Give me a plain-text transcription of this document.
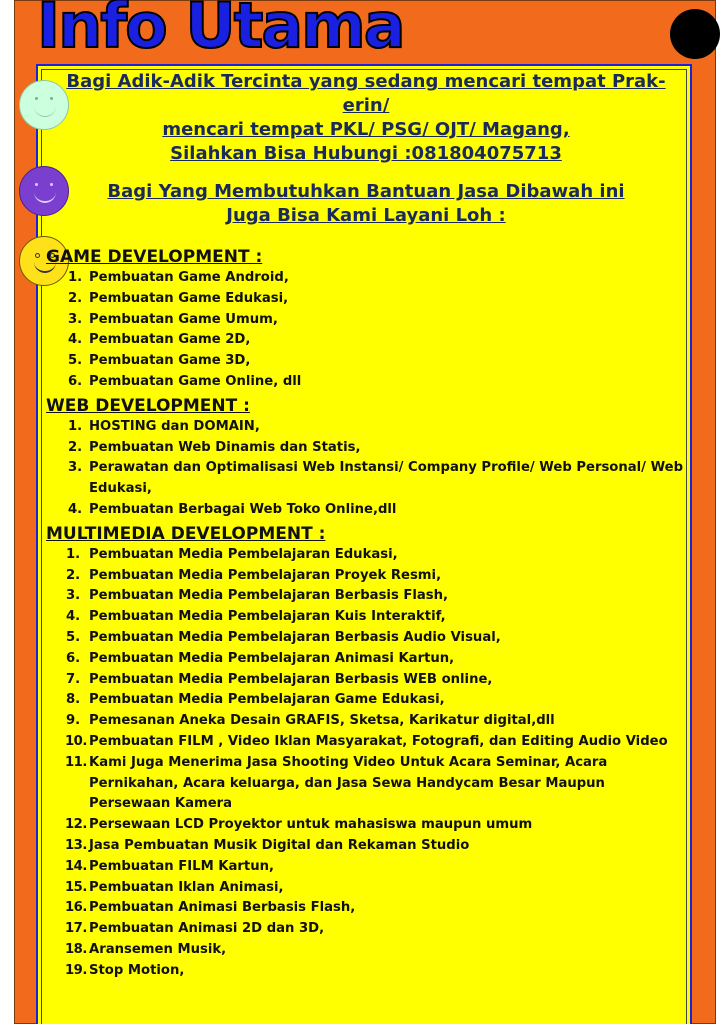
Info Utama

Bagi Adik-Adik Tercinta yang sedang mencari tempat Prak-

erin/

mencari tempat PKL/ PSG/ OJT/ Magang,

Silahkan Bisa Hubungi :081804075713

Bagi Yang Membutuhkan Bantuan Jasa Dibawah ini

Juga Bisa Kami Layani Loh :

GAME DEVELOPMENT :
1. Pembuatan Game Android,
2. Pembuatan Game Edukasi,
3. Pembuatan Game Umum,
4. Pembuatan Game 2D,
5. Pembuatan Game 3D,
6. Pembuatan Game Online, dll
WEB DEVELOPMENT :
1. HOSTING dan DOMAIN,
2. Pembuatan Web Dinamis dan Statis,
3. Perawatan dan Optimalisasi Web Instansi/ Company Profile/ Web Personal/ Web Edukasi,
4. Pembuatan Berbagai Web Toko Online,dll
MULTIMEDIA DEVELOPMENT :
1. Pembuatan Media Pembelajaran Edukasi,
2. Pembuatan Media Pembelajaran Proyek Resmi,
3. Pembuatan Media Pembelajaran Berbasis Flash,
4. Pembuatan Media Pembelajaran Kuis Interaktif,
5. Pembuatan Media Pembelajaran Berbasis Audio Visual,
6. Pembuatan Media Pembelajaran Animasi Kartun,
7. Pembuatan Media Pembelajaran Berbasis WEB online,
8. Pembuatan Media Pembelajaran Game Edukasi,
9. Pemesanan Aneka Desain GRAFIS, Sketsa, Karikatur digital,dll
10. Pembuatan FILM , Video Iklan Masyarakat, Fotografi, dan Editing Audio Video
11. Kami Juga Menerima Jasa Shooting Video Untuk Acara Seminar, Acara Pernikahan, Acara keluarga, dan Jasa Sewa Handycam Besar Maupun Persewaan Kamera
12. Persewaan LCD Proyektor untuk mahasiswa maupun umum
13. Jasa Pembuatan Musik Digital dan Rekaman Studio
14. Pembuatan FILM Kartun,
15. Pembuatan Iklan Animasi,
16. Pembuatan Animasi Berbasis Flash,
17. Pembuatan Animasi 2D dan 3D,
18. Aransemen Musik,
19. Stop Motion,
